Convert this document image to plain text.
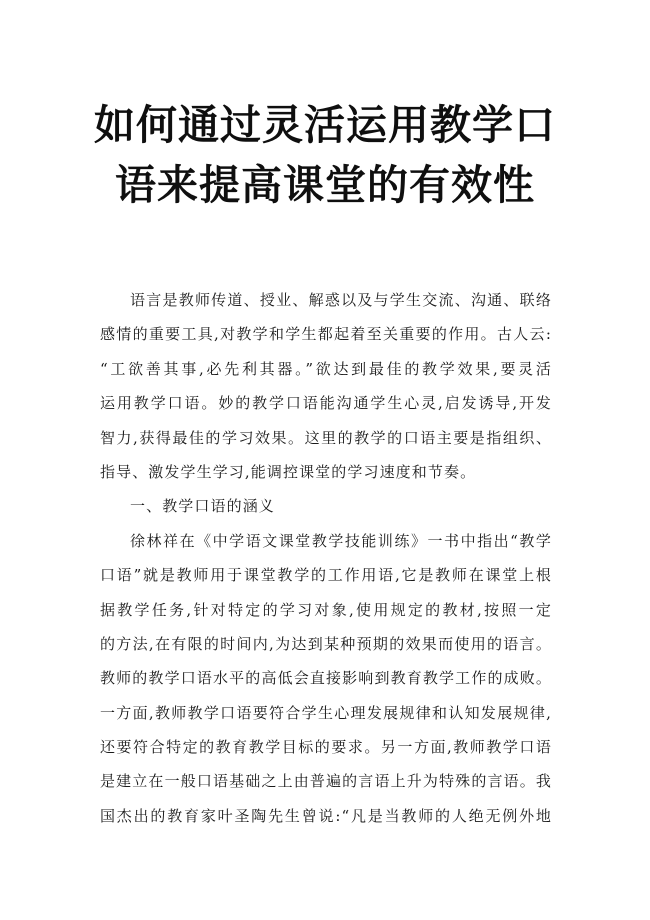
如何通过灵活运用教学口
语来提高课堂的有效性
语言是教师传道、授业、解惑以及与学生交流、沟通、联络
感情的重要工具,对教学和学生都起着至关重要的作用。古人云:
“工欲善其事,必先利其器。”欲达到最佳的教学效果,要灵活
运用教学口语。妙的教学口语能沟通学生心灵,启发诱导,开发
智力,获得最佳的学习效果。这里的教学的口语主要是指组织、
指导、激发学生学习,能调控课堂的学习速度和节奏。
一、教学口语的涵义
徐林祥在《中学语文课堂教学技能训练》一书中指出“教学
口语”就是教师用于课堂教学的工作用语,它是教师在课堂上根
据教学任务,针对特定的学习对象,使用规定的教材,按照一定
的方法,在有限的时间内,为达到某种预期的效果而使用的语言。
教师的教学口语水平的高低会直接影响到教育教学工作的成败。
一方面,教师教学口语要符合学生心理发展规律和认知发展规律,
还要符合特定的教育教学目标的要求。另一方面,教师教学口语
是建立在一般口语基础之上由普遍的言语上升为特殊的言语。我
国杰出的教育家叶圣陶先生曾说:“凡是当教师的人绝无例外地
